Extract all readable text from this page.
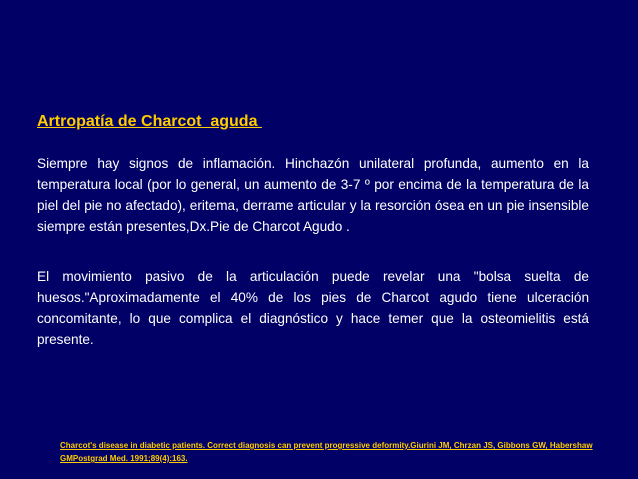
Artropatía de Charcot  aguda

Siempre hay signos de inflamación. Hinchazón unilateral profunda, aumento en la temperatura local (por lo general, un aumento de 3-7 º por encima de la temperatura de la piel del pie no afectado), eritema, derrame articular y la resorción ósea en un pie insensible siempre están presentes,Dx.Pie de Charcot Agudo .

El movimiento pasivo de la articulación puede revelar una "bolsa suelta de huesos."Aproximadamente el 40% de los pies de Charcot agudo tiene ulceración concomitante, lo que complica el diagnóstico y hace temer que la osteomielitis está presente.

Charcot's disease in diabetic patients. Correct diagnosis can prevent progressive deformity.Giurini JM, Chrzan JS, Gibbons GW, Habershaw GMPostgrad Med. 1991;89(4):163.
